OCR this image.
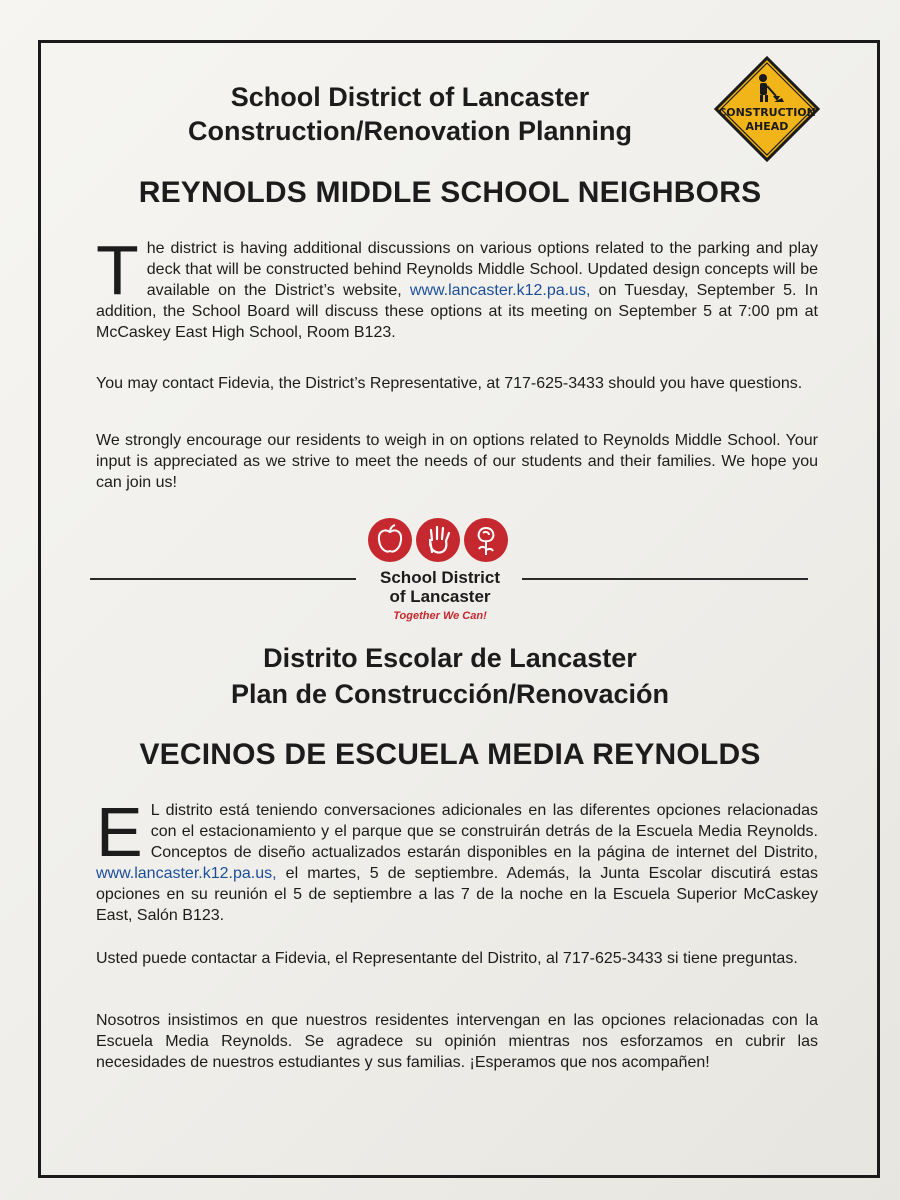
School District of Lancaster
Construction/Renovation Planning
CONSTRUCTION
AHEAD
REYNOLDS MIDDLE SCHOOL NEIGHBORS

The district is having additional discussions on various options related to the parking and play deck that will be constructed behind Reynolds Middle School. Updated design concepts will be available on the District’s website, www.lancaster.k12.pa.us, on Tuesday, September 5. In addition, the School Board will discuss these options at its meeting on September 5 at 7:00 pm at McCaskey East High School, Room B123.

You may contact Fidevia, the District’s Representative, at 717-625-3433 should you have questions.

We strongly encourage our residents to weigh in on options related to Reynolds Middle School. Your input is appreciated as we strive to meet the needs of our students and their families. We hope you can join us!

School District
of Lancaster

Together We Can!

Distrito Escolar de Lancaster
Plan de Construcción/Renovación
VECINOS DE ESCUELA MEDIA REYNOLDS

E L distrito está teniendo conversaciones adicionales en las diferentes opciones relacionadas con el estacionamiento y el parque que se construirán detrás de la Escuela Media Reynolds. Conceptos de diseño actualizados estarán disponibles en la página de internet del Distrito, www.lancaster.k12.pa.us, el martes, 5 de septiembre. Además, la Junta Escolar discutirá estas opciones en su reunión el 5 de septiembre a las 7 de la noche en la Escuela Superior McCaskey East, Salón B123.

Usted puede contactar a Fidevia, el Representante del Distrito, al 717-625-3433 si tiene preguntas.

Nosotros insistimos en que nuestros residentes intervengan en las opciones relacionadas con la Escuela Media Reynolds. Se agradece su opinión mientras nos esforzamos en cubrir las necesidades de nuestros estudiantes y sus familias. ¡Esperamos que nos acompañen!
